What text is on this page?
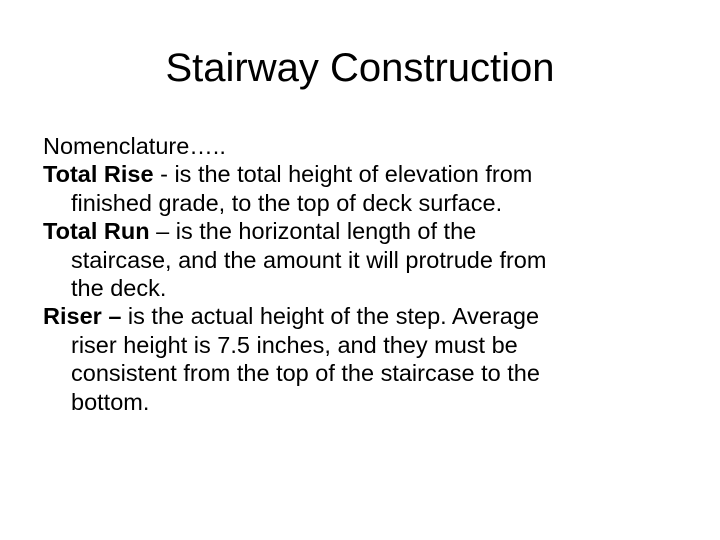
Stairway Construction
Nomenclature…..
Total Rise - is the total height of elevation from
finished grade, to the top of deck surface.
Total Run – is the horizontal length of the
staircase, and the amount it will protrude from
the deck.
Riser – is the actual height of the step. Average
riser height is 7.5 inches, and they must be
consistent from the top of the staircase to the
bottom.
